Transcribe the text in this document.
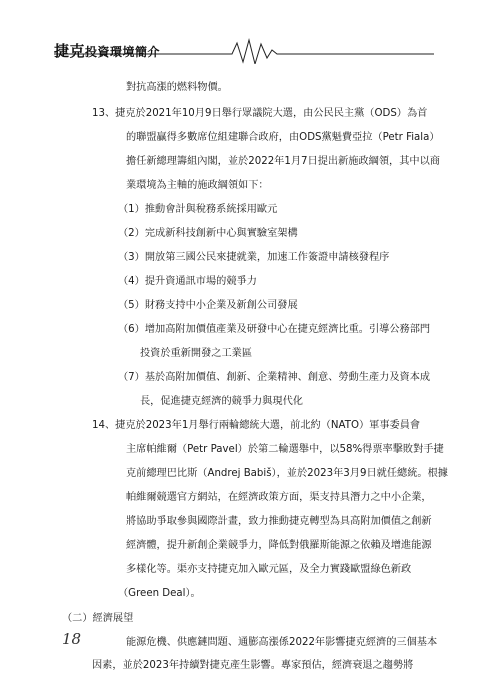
捷克投資環境簡介
對抗高漲的燃料物價。
13、捷克於2021年10月9日舉行眾議院大選，由公民民主黨（ODS）為首
的聯盟贏得多數席位組建聯合政府，由ODS黨魁費亞拉（Petr Fiala）
擔任新總理籌組內閣，並於2022年1月7日提出新施政綱領，其中以商
業環境為主軸的施政綱領如下：
（1）推動會計與稅務系統採用歐元
（2）完成新科技創新中心與實驗室架構
（3）開放第三國公民來捷就業，加速工作簽證申請核發程序
（4）提升資通訊市場的競爭力
（5）財務支持中小企業及新創公司發展
（6）增加高附加價值產業及研發中心在捷克經濟比重。引導公務部門
投資於重新開發之工業區
（7）基於高附加價值、創新、企業精神、創意、勞動生產力及資本成
長，促進捷克經濟的競爭力與現代化
14、捷克於2023年1月舉行兩輪總統大選，前北約（NATO）軍事委員會
主席帕維爾（Petr Pavel）於第二輪選舉中，以58%得票率擊敗對手捷
克前總理巴比斯（Andrej Babiš），並於2023年3月9日就任總統。根據
帕維爾競選官方網站，在經濟政策方面，渠支持具潛力之中小企業，
將協助爭取參與國際計畫，致力推動捷克轉型為具高附加價值之創新
經濟體，提升新創企業競爭力，降低對俄羅斯能源之依賴及增進能源
多樣化等。渠亦支持捷克加入歐元區，及全力實踐歐盟綠色新政
（Green Deal）。
（二）經濟展望
能源危機、供應鏈問題、通膨高漲係2022年影響捷克經濟的三個基本
因素，並於2023年持續對捷克產生影響。專家預估，經濟衰退之趨勢將
18
